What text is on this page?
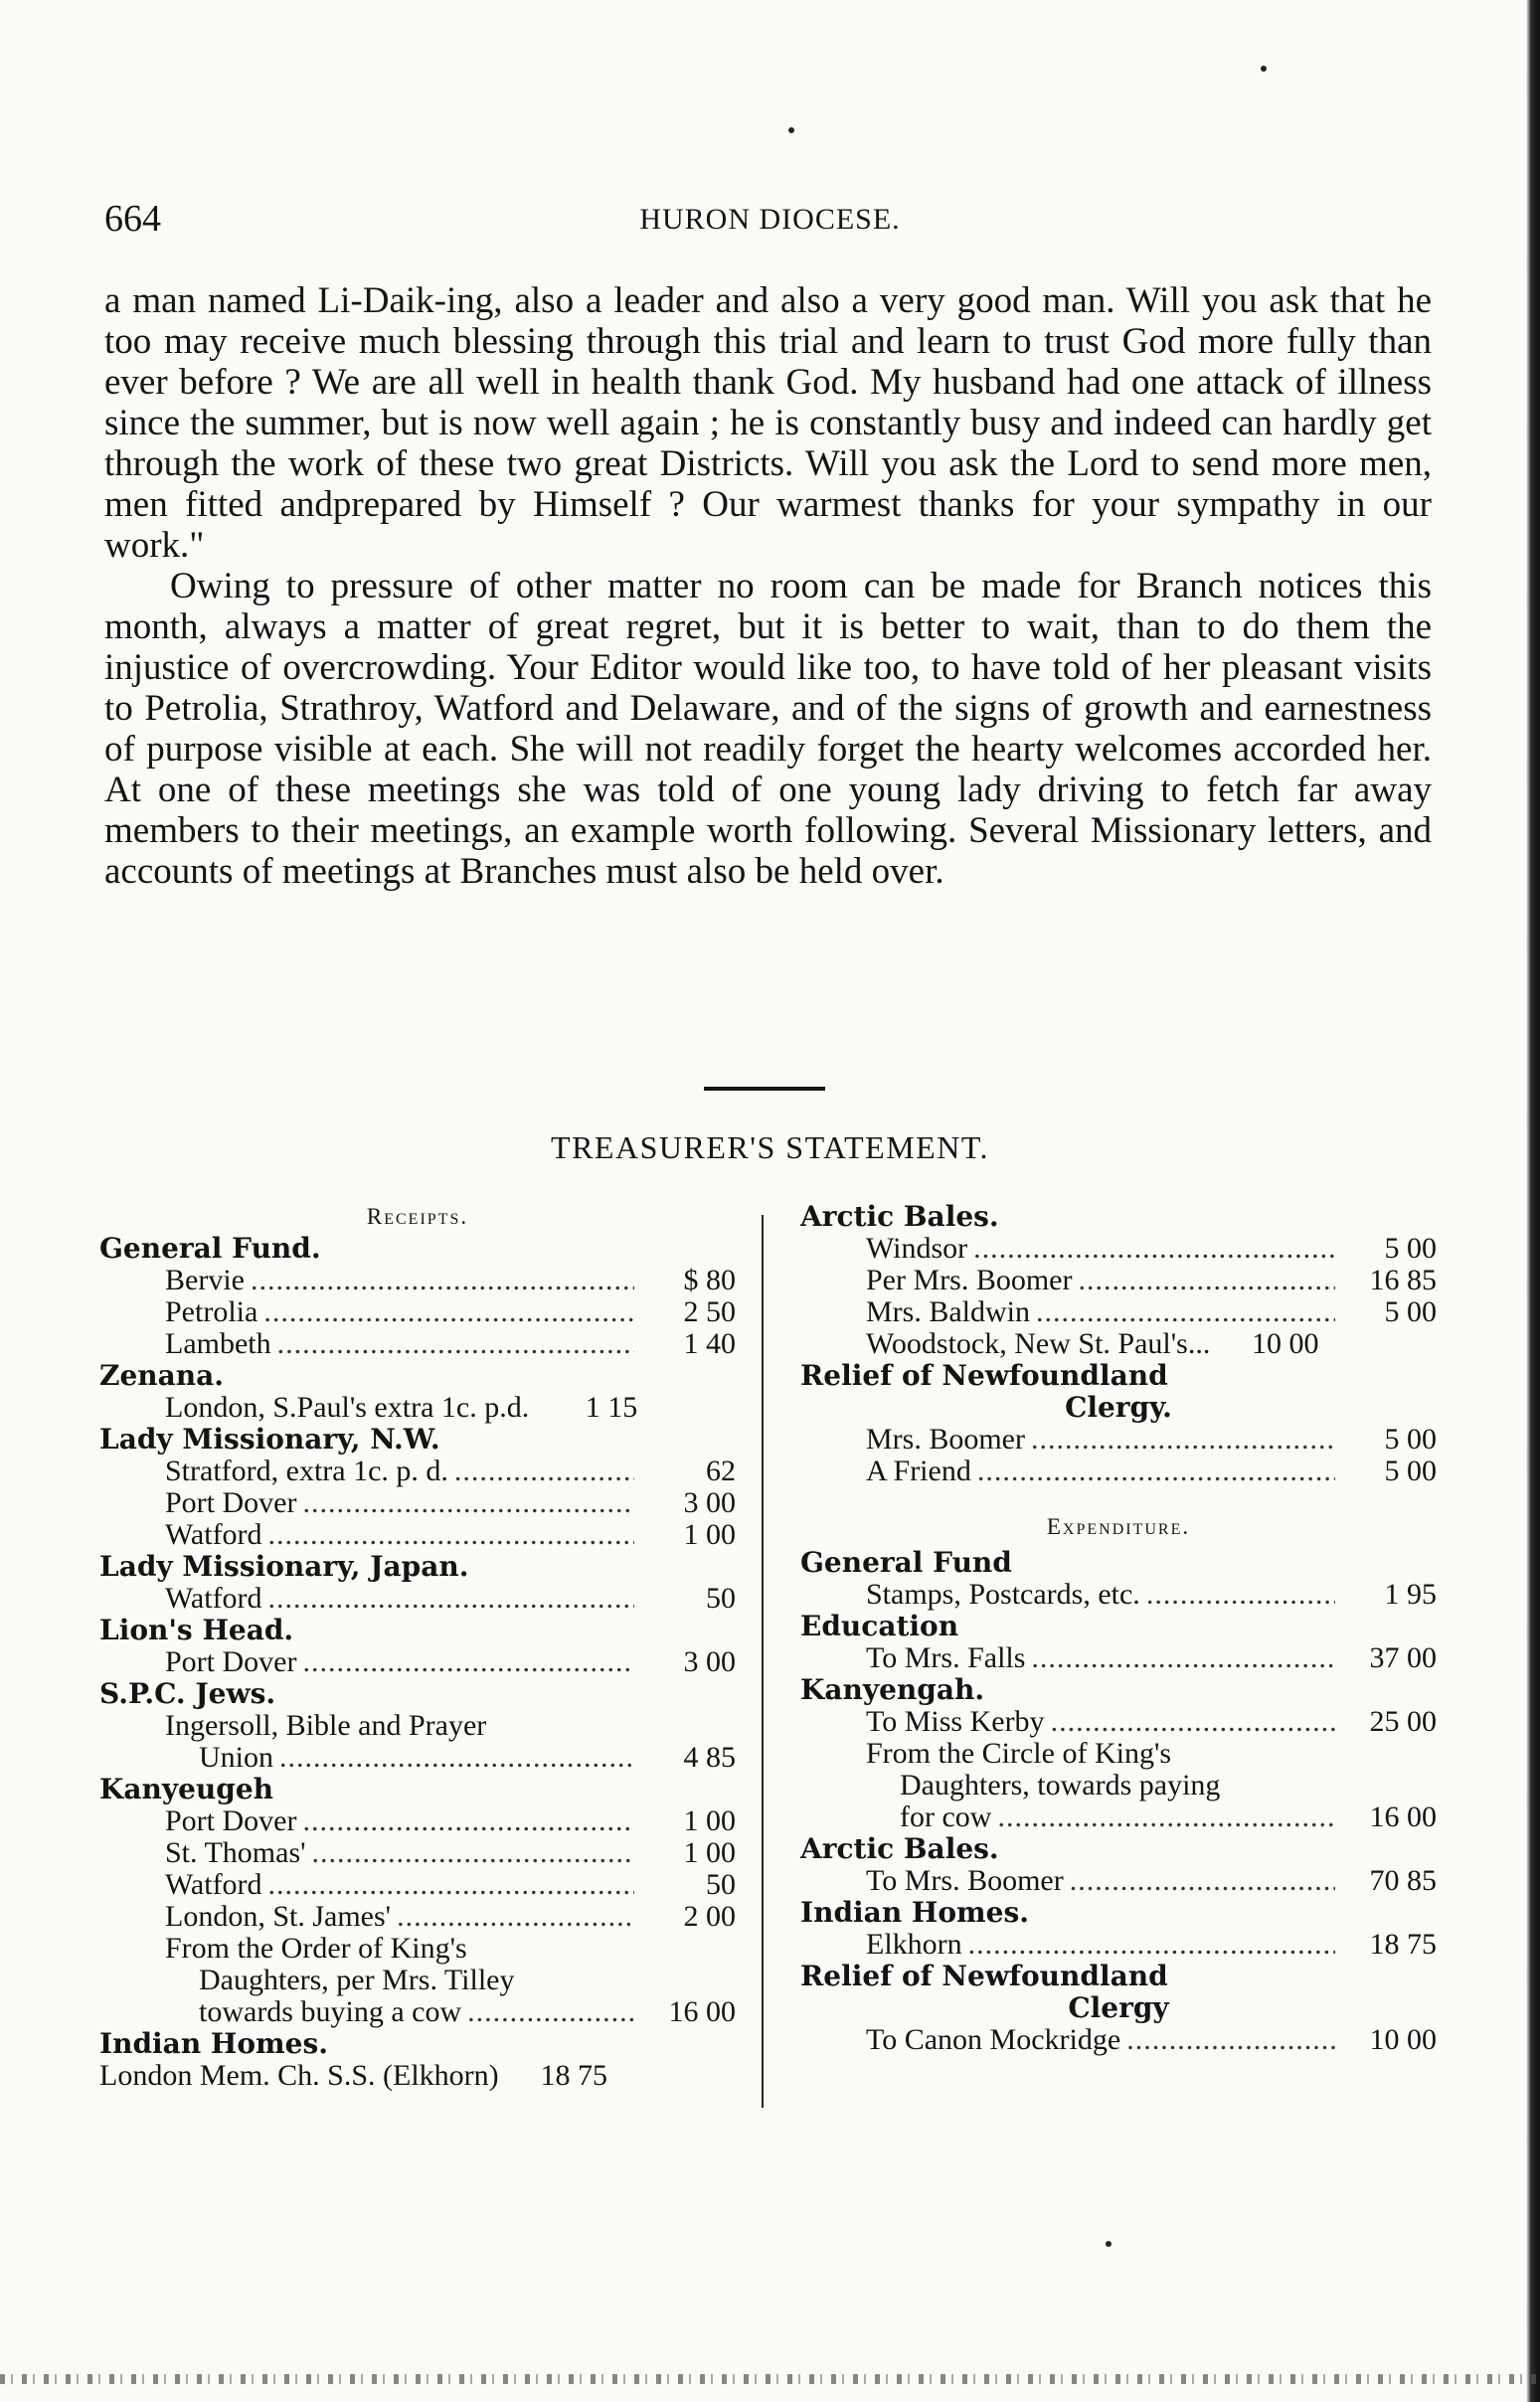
664	HURON DIOCESE.

a man named Li-Daik-ing, also a leader and also a very good man. Will you ask that he too may receive much blessing through this trial and learn to trust God more fully than ever before ? We are all well in health thank God. My husband had one attack of illness since the summer, but is now well again ; he is constantly busy and indeed can hardly get through the work of these two great Districts. Will you ask the Lord to send more men, men fitted andprepared by Himself ? Our warmest thanks for your sympathy in our work."

Owing to pressure of other matter no room can be made for Branch notices this month, always a matter of great regret, but it is better to wait, than to do them the injustice of overcrowding. Your Editor would like too, to have told of her pleasant visits to Petrolia, Strathroy, Watford and Delaware, and of the signs of growth and earnestness of purpose visible at each. She will not readily forget the hearty welcomes accorded her. At one of these meetings she was told of one young lady driving to fetch far away members to their meetings, an example worth following. Several Missionary letters, and accounts of meetings at Branches must also be held over.

TREASURER'S STATEMENT.
Receipts.
General Fund.
Bervie .....	$ 80
Petrolia .....	2 50
Lambeth .....	1 40
Zenana.
London, S.Paul's extra 1c. p.d. .....	1 15
Lady Missionary, N.W.
Stratford, extra 1c. p. d. .....	62
Port Dover .....	3 00
Watford .....	1 00
Lady Missionary, Japan.
Watford .....	50
Lion's Head.
Port Dover .....	3 00
S.P.C. Jews.
Ingersoll, Bible and Prayer
Union .....	4 85
Kanyeugeh
Port Dover .....	1 00
St. Thomas' .....	1 00
Watford .....	50
London, St. James' .....	2 00
From the Order of King's
Daughters, per Mrs. Tilley
towards buying a cow .....	16 00
Indian Homes.
London Mem. Ch. S.S. (Elkhorn) .....	18 75
Arctic Bales.
Windsor .....	5 00
Per Mrs. Boomer .....	16 85
Mrs. Baldwin .....	5 00
Woodstock, New St. Paul's... .....	10 00
Relief of Newfoundland
Clergy.
Mrs. Boomer .....	5 00
A Friend .....	5 00
Expenditure.
General Fund
Stamps, Postcards, etc. .....	1 95
Education
To Mrs. Falls .....	37 00
Kanyengah.
To Miss Kerby .....	25 00
From the Circle of King's
Daughters, towards paying
for cow .....	16 00
Arctic Bales.
To Mrs. Boomer .....	70 85
Indian Homes.
Elkhorn .....	18 75
Relief of Newfoundland
Clergy
To Canon Mockridge .....	10 00
